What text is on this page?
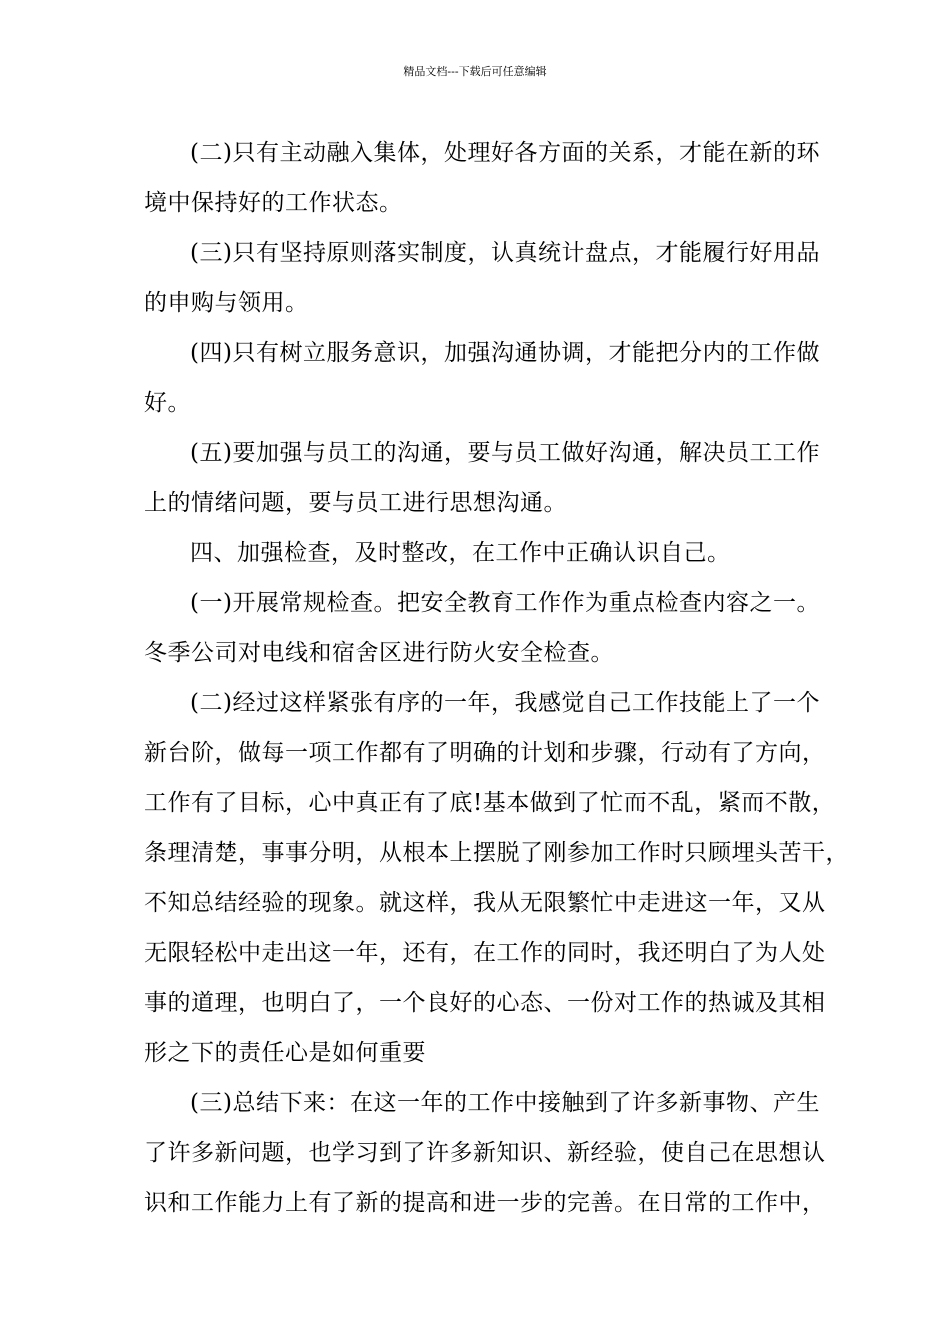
精品文档---下载后可任意编辑
(二)只有主动融入集体，处理好各方面的关系，才能在新的环
境中保持好的工作状态。
(三)只有坚持原则落实制度，认真统计盘点，才能履行好用品
的申购与领用。
(四)只有树立服务意识，加强沟通协调，才能把分内的工作做
好。
(五)要加强与员工的沟通，要与员工做好沟通，解决员工工作
上的情绪问题，要与员工进行思想沟通。
四、加强检查，及时整改，在工作中正确认识自己。
(一)开展常规检查。把安全教育工作作为重点检查内容之一。
冬季公司对电线和宿舍区进行防火安全检查。
(二)经过这样紧张有序的一年，我感觉自己工作技能上了一个
新台阶，做每一项工作都有了明确的计划和步骤，行动有了方向，
工作有了目标，心中真正有了底!基本做到了忙而不乱，紧而不散，
条理清楚，事事分明，从根本上摆脱了刚参加工作时只顾埋头苦干，
不知总结经验的现象。就这样，我从无限繁忙中走进这一年，又从
无限轻松中走出这一年，还有，在工作的同时，我还明白了为人处
事的道理，也明白了，一个良好的心态、一份对工作的热诚及其相
形之下的责任心是如何重要
(三)总结下来：在这一年的工作中接触到了许多新事物、产生
了许多新问题，也学习到了许多新知识、新经验，使自己在思想认
识和工作能力上有了新的提高和进一步的完善。在日常的工作中，
